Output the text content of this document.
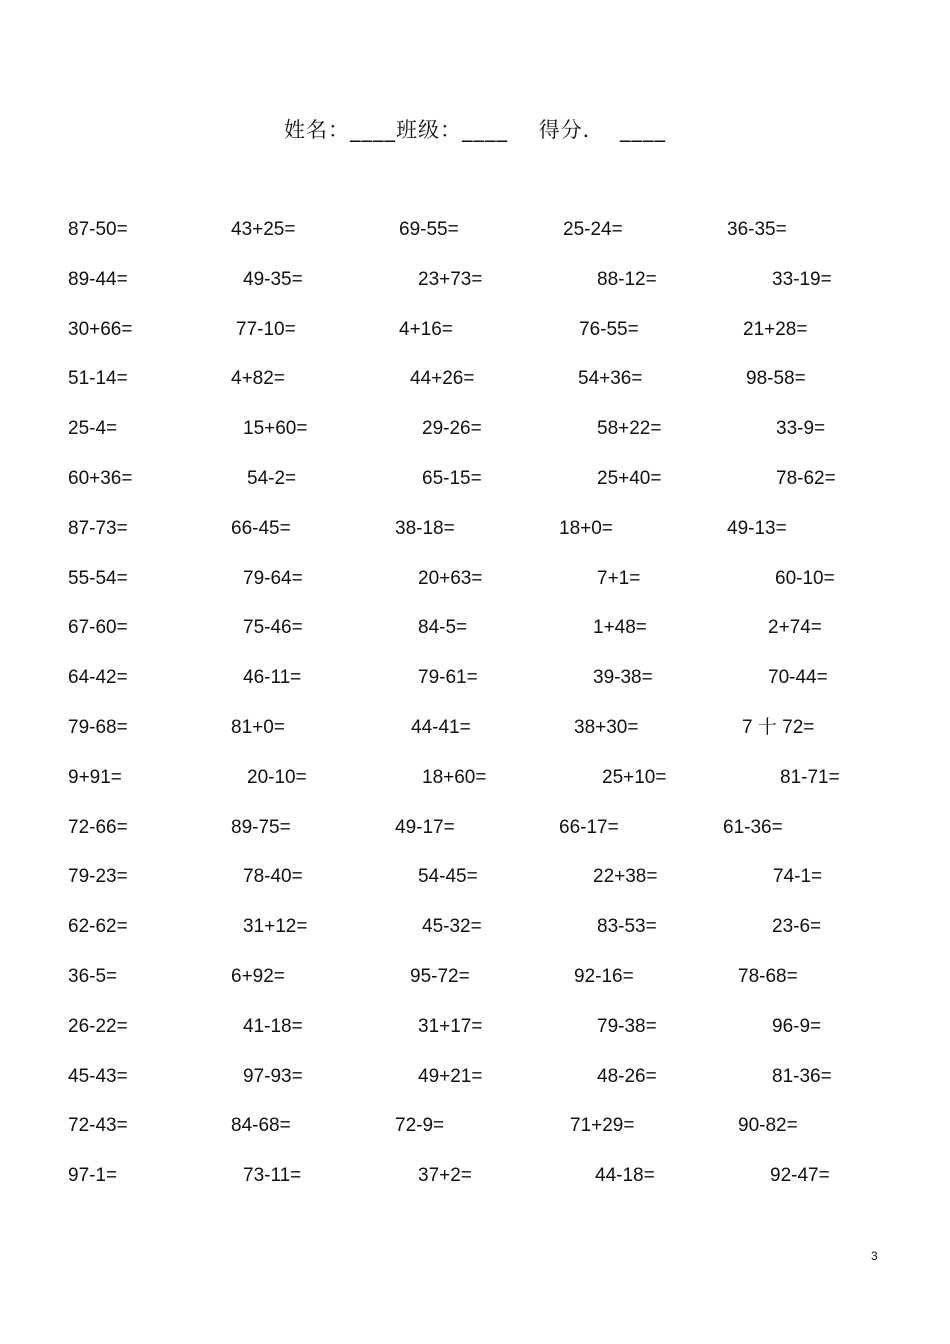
姓名：____班级：____ 得分． ____
87-50=	43+25=	69-55=	25-24=	36-35=
89-44=	49-35=	23+73=	88-12=	33-19=
30+66=	77-10=	4+16=	76-55=	21+28=
51-14=	4+82=	44+26=	54+36=	98-58=
25-4=	15+60=	29-26=	58+22=	33-9=
60+36=	54-2=	65-15=	25+40=	78-62=
87-73=	66-45=	38-18=	18+0=	49-13=
55-54=	79-64=	20+63=	7+1=	60-10=
67-60=	75-46=	84-5=	1+48=	2+74=
64-42=	46-11=	79-61=	39-38=	70-44=
79-68=	81+0=	44-41=	38+30=	7 十 72=
9+91=	20-10=	18+60=	25+10=	81-71=
72-66=	89-75=	49-17=	66-17=	61-36=
79-23=	78-40=	54-45=	22+38=	74-1=
62-62=	31+12=	45-32=	83-53=	23-6=
36-5=	6+92=	95-72=	92-16=	78-68=
26-22=	41-18=	31+17=	79-38=	96-9=
45-43=	97-93=	49+21=	48-26=	81-36=
72-43=	84-68=	72-9=	71+29=	90-82=
97-1=	73-11=	37+2=	44-18=	92-47=
3
